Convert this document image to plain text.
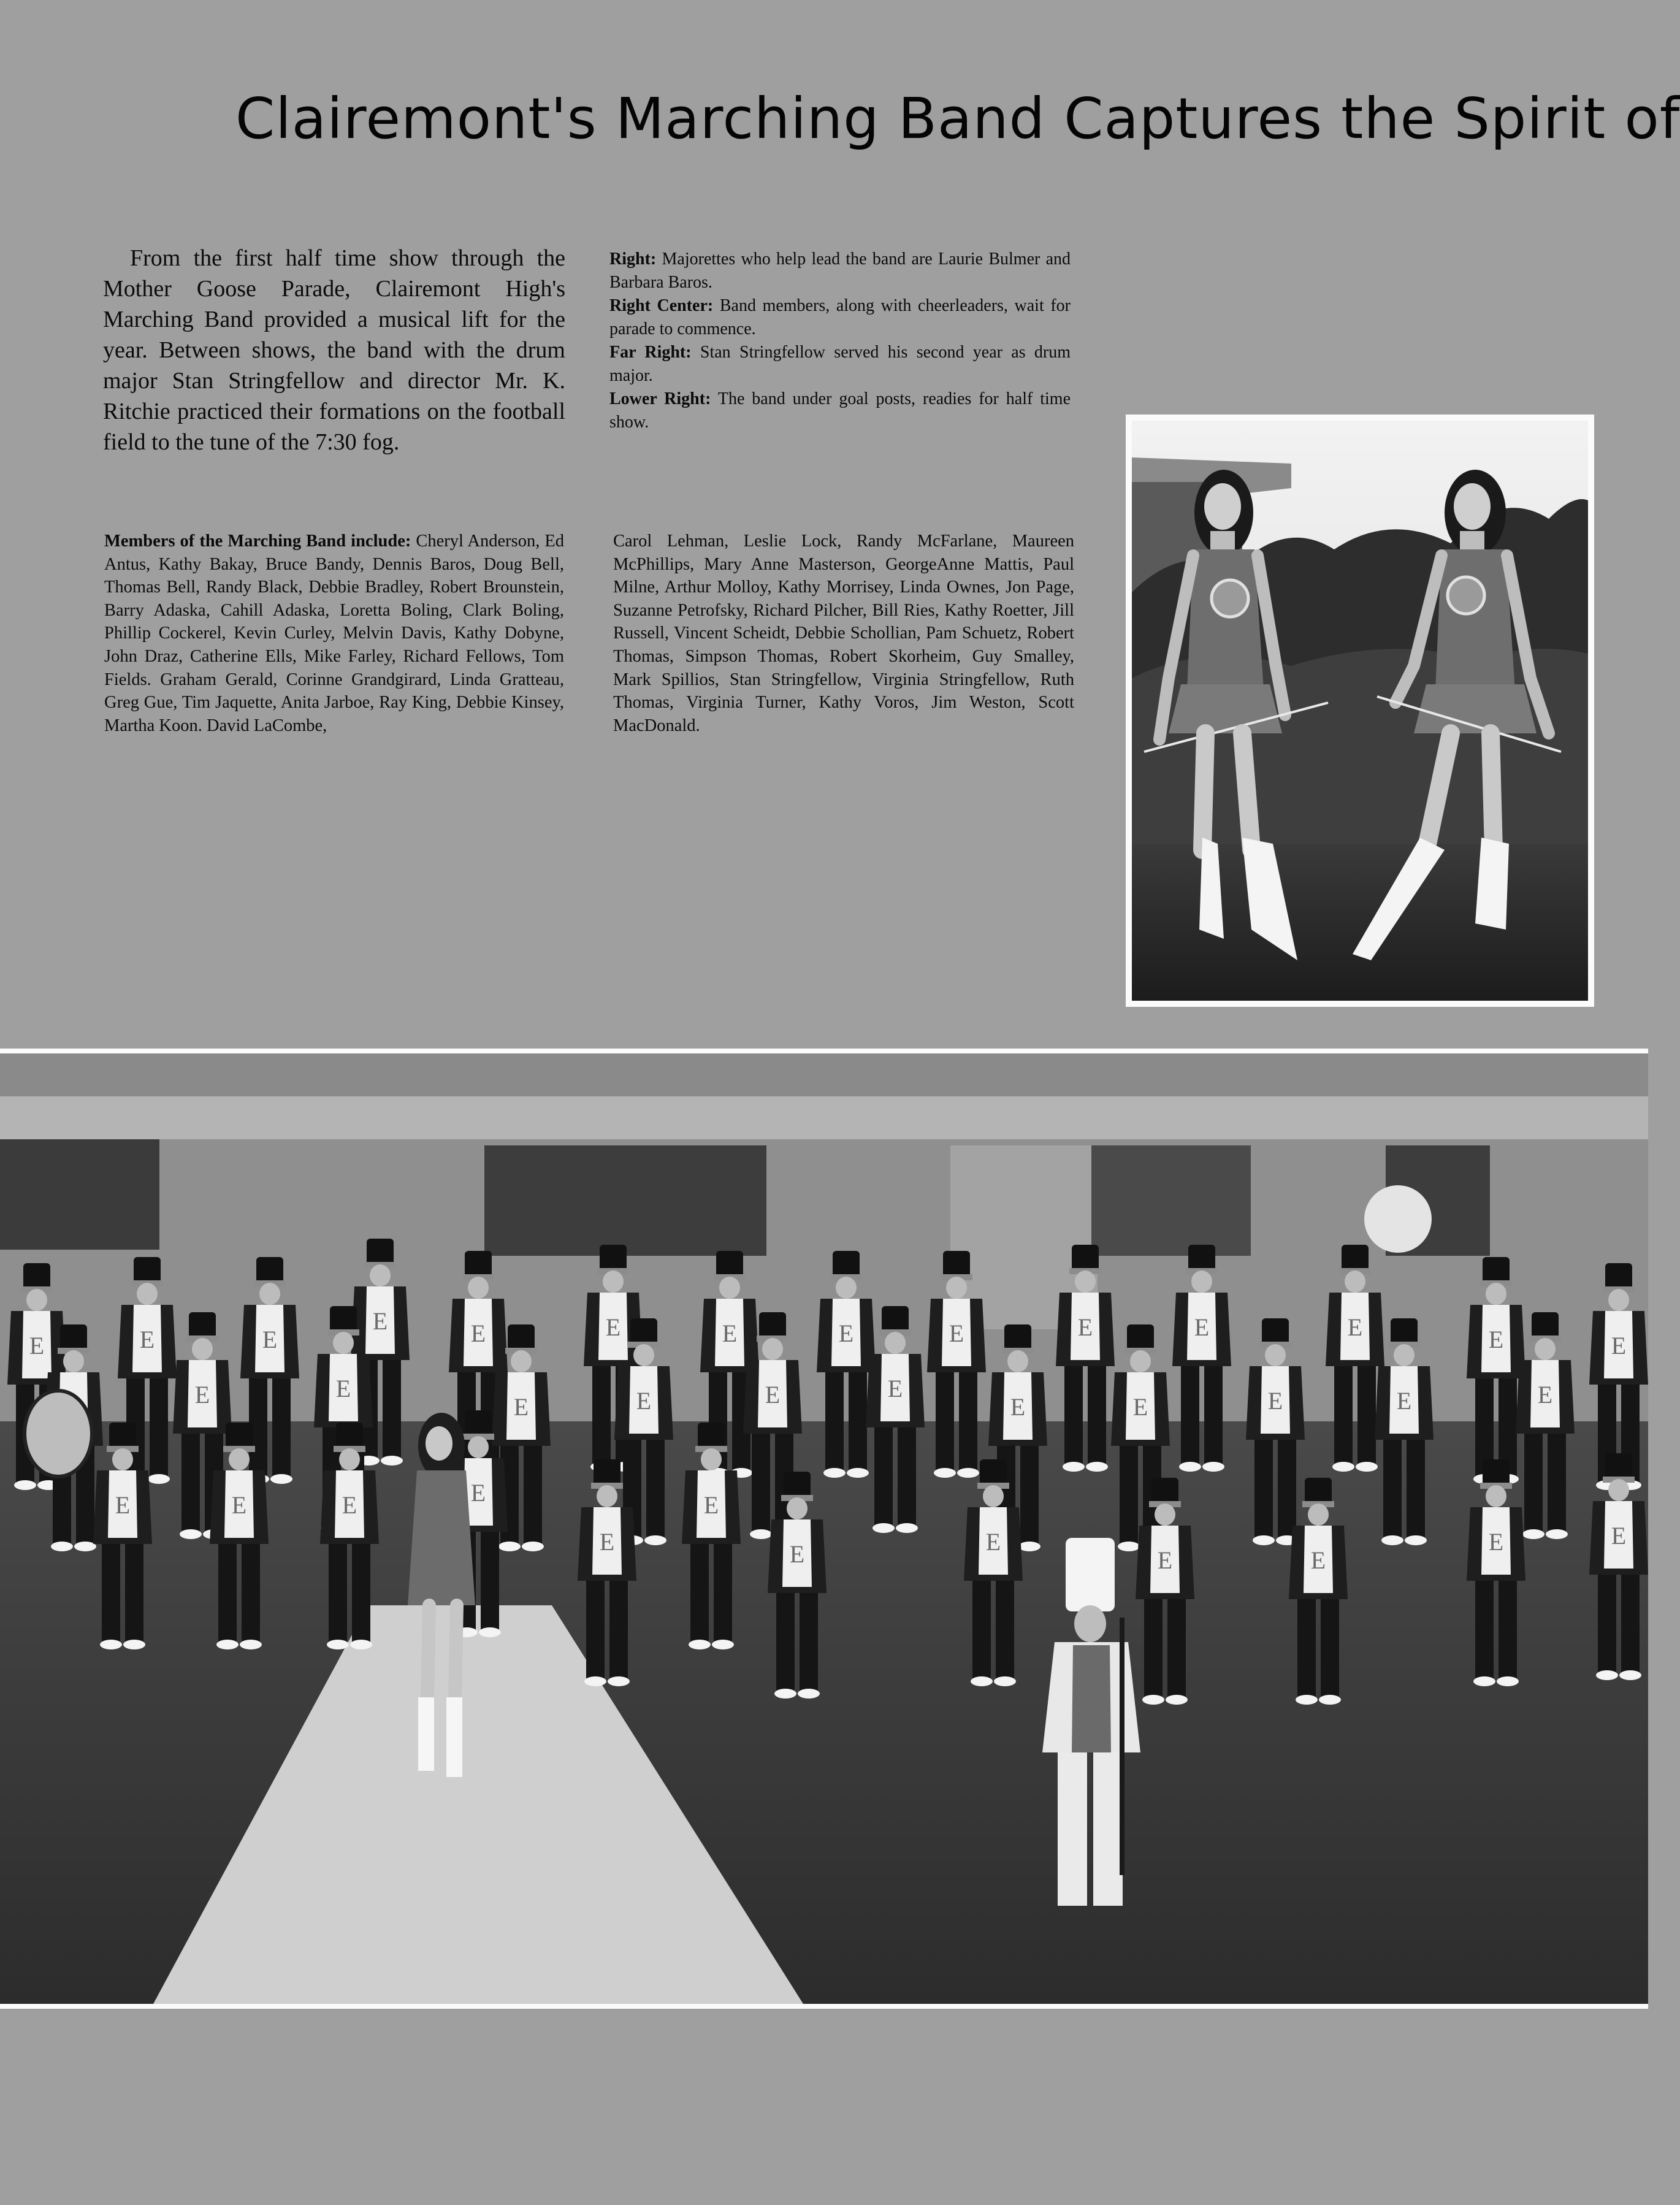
Clairemont's Marching Band Captures the Spirit of

From the first half time show through the Mother Goose Parade, Clairemont High's Marching Band provided a musical lift for the year. Between shows, the band with the drum major Stan Stringfellow and director Mr. K. Ritchie practiced their formations on the football field to the tune of the 7:30 fog.

Right: Majorettes who help lead the band are Laurie Bulmer and Barbara Baros.

Right Center: Band members, along with cheerleaders, wait for parade to commence.

Far Right: Stan Stringfellow served his second year as drum major.

Lower Right: The band under goal posts, readies for half time show.

Members of the Marching Band include: Cheryl Anderson, Ed Antus, Kathy Bakay, Bruce Bandy, Dennis Baros, Doug Bell, Thomas Bell, Randy Black, Debbie Bradley, Robert Brounstein, Barry Adaska, Cahill Adaska, Loretta Boling, Clark Boling, Phillip Cockerel, Kevin Curley, Melvin Davis, Kathy Dobyne, John Draz, Catherine Ells, Mike Farley, Richard Fellows, Tom Fields. Graham Gerald, Corinne Grandgirard, Linda Gratteau, Greg Gue, Tim Jaquette, Anita Jarboe, Ray King, Debbie Kinsey, Martha Koon. David LaCombe,

Carol Lehman, Leslie Lock, Randy McFarlane, Maureen McPhillips, Mary Anne Masterson, GeorgeAnne Mattis, Paul Milne, Arthur Molloy, Kathy Morrisey, Linda Ownes, Jon Page, Suzanne Petrofsky, Richard Pilcher, Bill Ries, Kathy Roetter, Jill Russell, Vincent Scheidt, Debbie Schollian, Pam Schuetz, Robert Thomas, Simpson Thomas, Robert Skorheim, Guy Smalley, Mark Spillios, Stan Stringfellow, Virginia Stringfellow, Ruth Thomas, Virginia Turner, Kathy Voros, Jim Weston, Scott MacDonald.
